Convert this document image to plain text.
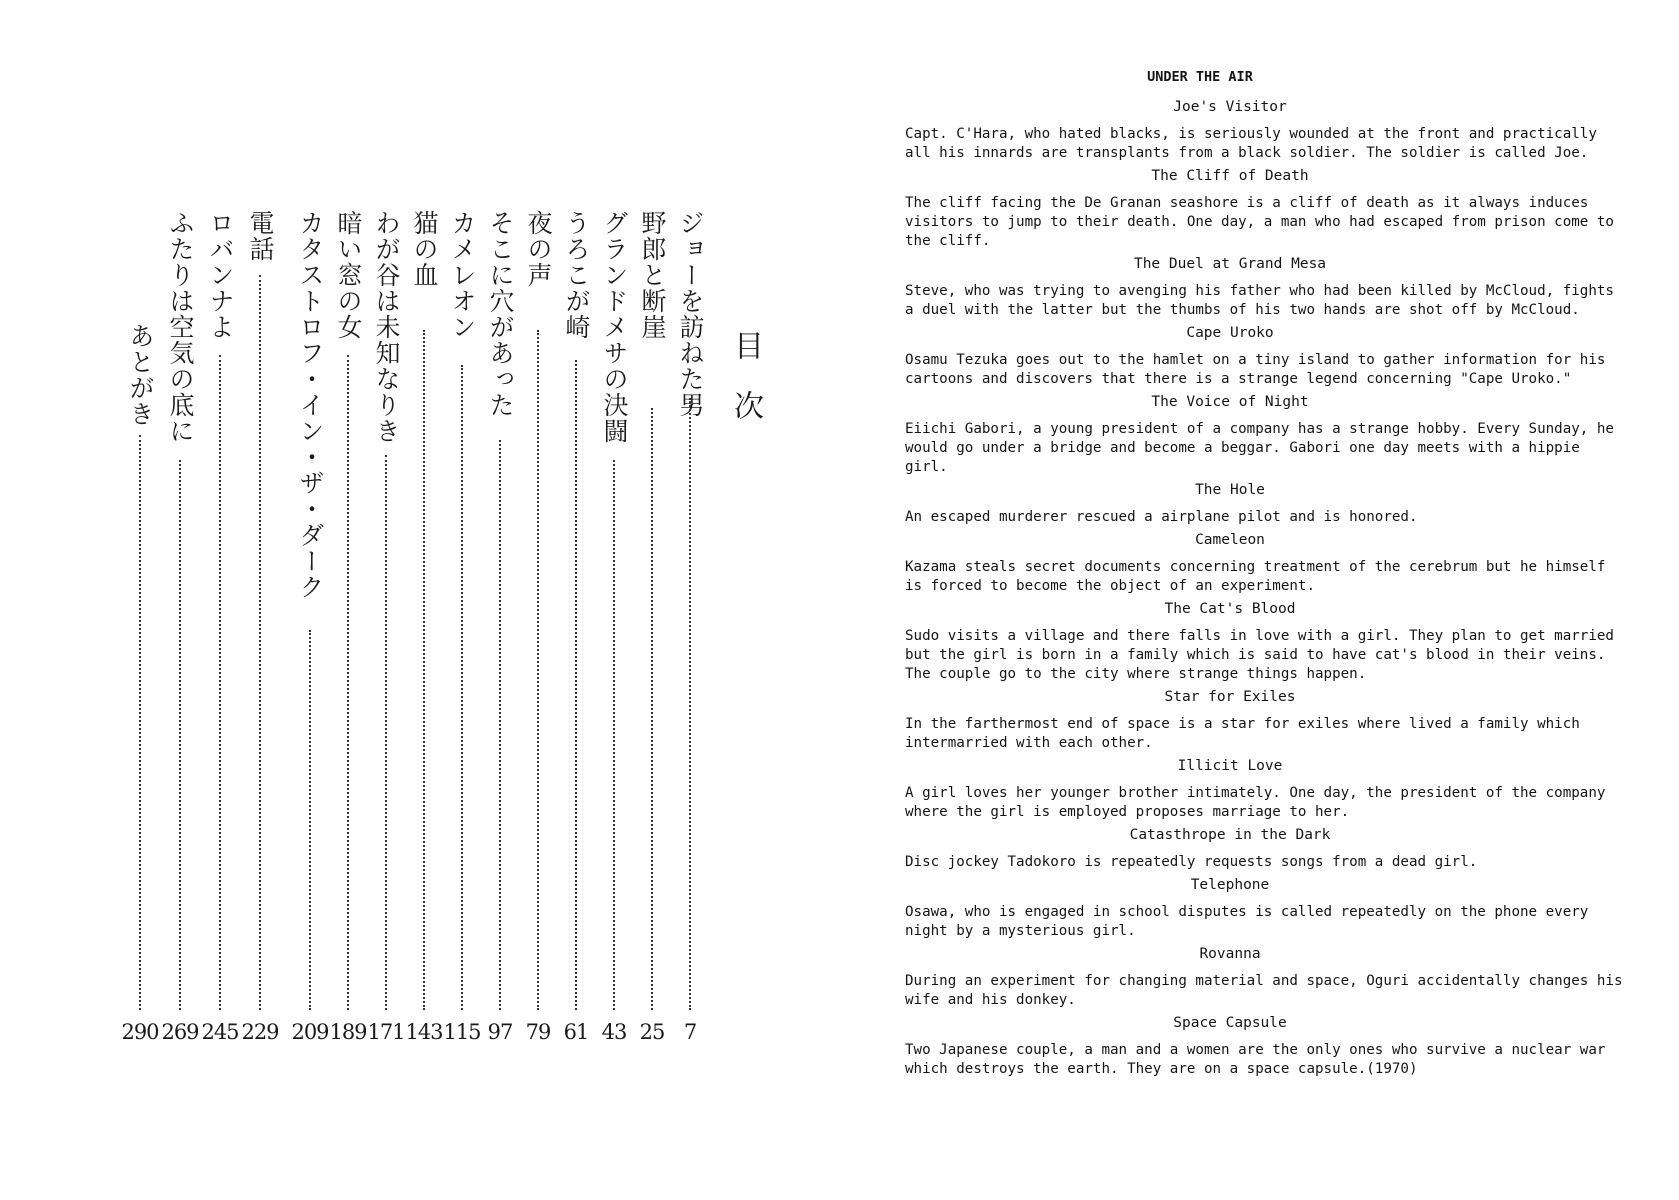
目次
ジョーを訪ねた男
7
野郎と断崖
25
グランドメサの決闘
43
うろこが崎
61
夜の声
79
そこに穴があった
97
カメレオン
115
猫の血
143
わが谷は未知なりき
171
暗い窓の女
189
カタストロフ・イン・ザ・ダーク
209
電話
229
ロバンナよ
245
ふたりは空気の底に
269
あとがき
290
UNDER THE AIR
Joe's Visitor
Capt. C'Hara, who hated blacks, is seriously wounded at the front and practically all his innards are transplants from a black soldier. The soldier is called Joe.
The Cliff of Death
The cliff facing the De Granan seashore is a cliff of death as it always induces visitors to jump to their death. One day, a man who had escaped from prison come to the cliff.
The Duel at Grand Mesa
Steve, who was trying to avenging his father who had been killed by McCloud, fights a duel with the latter but the thumbs of his two hands are shot off by McCloud.
Cape Uroko
Osamu Tezuka goes out to the hamlet on a tiny island to gather information for his cartoons and discovers that there is a strange legend concerning "Cape Uroko."
The Voice of Night
Eiichi Gabori, a young president of a company has a strange hobby. Every Sunday, he would go under a bridge and become a beggar. Gabori one day meets with a hippie girl.
The Hole
An escaped murderer rescued a airplane pilot and is honored.
Cameleon
Kazama steals secret documents concerning treatment of the cerebrum but he himself is forced to become the object of an experiment.
The Cat's Blood
Sudo visits a village and there falls in love with a girl. They plan to get married but the girl is born in a family which is said to have cat's blood in their veins. The couple go to the city where strange things happen.
Star for Exiles
In the farthermost end of space is a star for exiles where lived a family which intermarried with each other.
Illicit Love
A girl loves her younger brother intimately. One day, the president of the company where the girl is employed proposes marriage to her.
Catasthrope in the Dark
Disc jockey Tadokoro is repeatedly requests songs from a dead girl.
Telephone
Osawa, who is engaged in school disputes is called repeatedly on the phone every night by a mysterious girl.
Rovanna
During an experiment for changing material and space, Oguri accidentally changes his wife and his donkey.
Space Capsule
Two Japanese couple, a man and a women are the only ones who survive a nuclear war which destroys the earth. They are on a space capsule.(1970)
